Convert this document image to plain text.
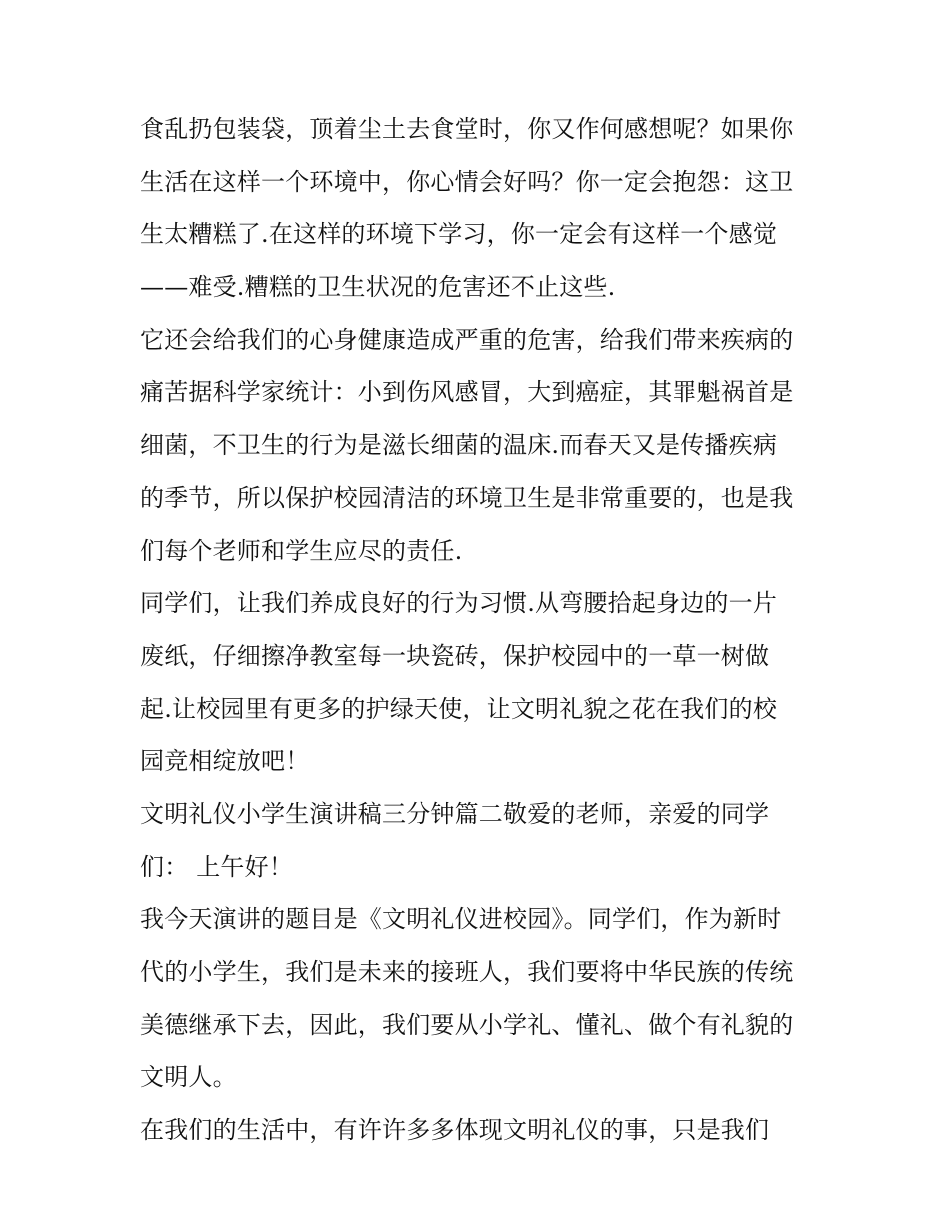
食乱扔包装袋，顶着尘土去食堂时，你又作何感想呢？如果你
生活在这样一个环境中，你心情会好吗？你一定会抱怨：这卫
生太糟糕了.在这样的环境下学习，你一定会有这样一个感觉
——难受.糟糕的卫生状况的危害还不止这些.
它还会给我们的心身健康造成严重的危害，给我们带来疾病的
痛苦据科学家统计：小到伤风感冒，大到癌症，其罪魁祸首是
细菌，不卫生的行为是滋长细菌的温床.而春天又是传播疾病
的季节，所以保护校园清洁的环境卫生是非常重要的，也是我
们每个老师和学生应尽的责任.
同学们，让我们养成良好的行为习惯.从弯腰拾起身边的一片
废纸，仔细擦净教室每一块瓷砖，保护校园中的一草一树做
起.让校园里有更多的护绿天使，让文明礼貌之花在我们的校
园竞相绽放吧！
文明礼仪小学生演讲稿三分钟篇二敬爱的老师，亲爱的同学
们： 上午好！
我今天演讲的题目是《文明礼仪进校园》。同学们，作为新时
代的小学生，我们是未来的接班人，我们要将中华民族的传统
美德继承下去，因此，我们要从小学礼、懂礼、做个有礼貌的
文明人。
在我们的生活中，有许许多多体现文明礼仪的事，只是我们
